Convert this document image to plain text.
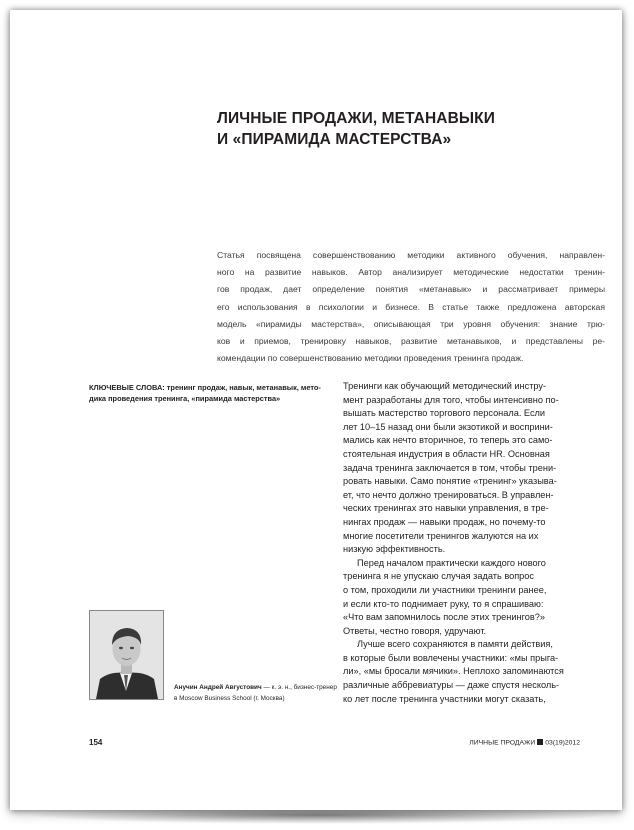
ЛИЧНЫЕ ПРОДАЖИ, МЕТАНАВЫКИ
И «ПИРАМИДА МАСТЕРСТВА»
Статья посвящена совершенствованию методики активного обучения, направлен-
ного на развитие навыков. Автор анализирует методические недостатки тренин-
гов продаж, дает определение понятия «метанавык» и рассматривает примеры
его использования в психологии и бизнесе. В статье также предложена авторская
модель «пирамиды мастерства», описывающая три уровня обучения: знание трю-
ков и приемов, тренировку навыков, развитие метанавыков, и представлены ре-
комендации по совершенствованию методики проведения тренинга продаж.
КЛЮЧЕВЫЕ СЛОВА: тренинг продаж, навык, метанавык, мето-
дика проведения тренинга, «пирамида мастерства»
Тренинги как обучающий методический инстру-
мент разработаны для того, чтобы интенсивно по-
вышать мастерство торгового персонала. Если
лет 10–15 назад они были экзотикой и восприни-
мались как нечто вторичное, то теперь это само-
стоятельная индустрия в области HR. Основная
задача тренинга заключается в том, чтобы трени-
ровать навыки. Само понятие «тренинг» указыва-
ет, что нечто должно тренироваться. В управлен-
ческих тренингах это навыки управления, в тре-
нингах продаж — навыки продаж, но почему-то
многие посетители тренингов жалуются на их
низкую эффективность.
Перед началом практически каждого нового
тренинга я не упускаю случая задать вопрос
о том, проходили ли участники тренинги ранее,
и если кто-то поднимает руку, то я спрашиваю:
«Что вам запомнилось после этих тренингов?»
Ответы, честно говоря, удручают.
Лучше всего сохраняются в памяти действия,
в которые были вовлечены участники: «мы прыга-
ли», «мы бросали мячики». Неплохо запоминаются
различные аббревиатуры — даже спустя несколь-
ко лет после тренинга участники могут сказать,
Анучин Андрей Августович — к. э. н., бизнес-тренер
в Moscow Business School (г. Москва)
154	ЛИЧНЫЕ ПРОДАЖИ 03(19)2012
